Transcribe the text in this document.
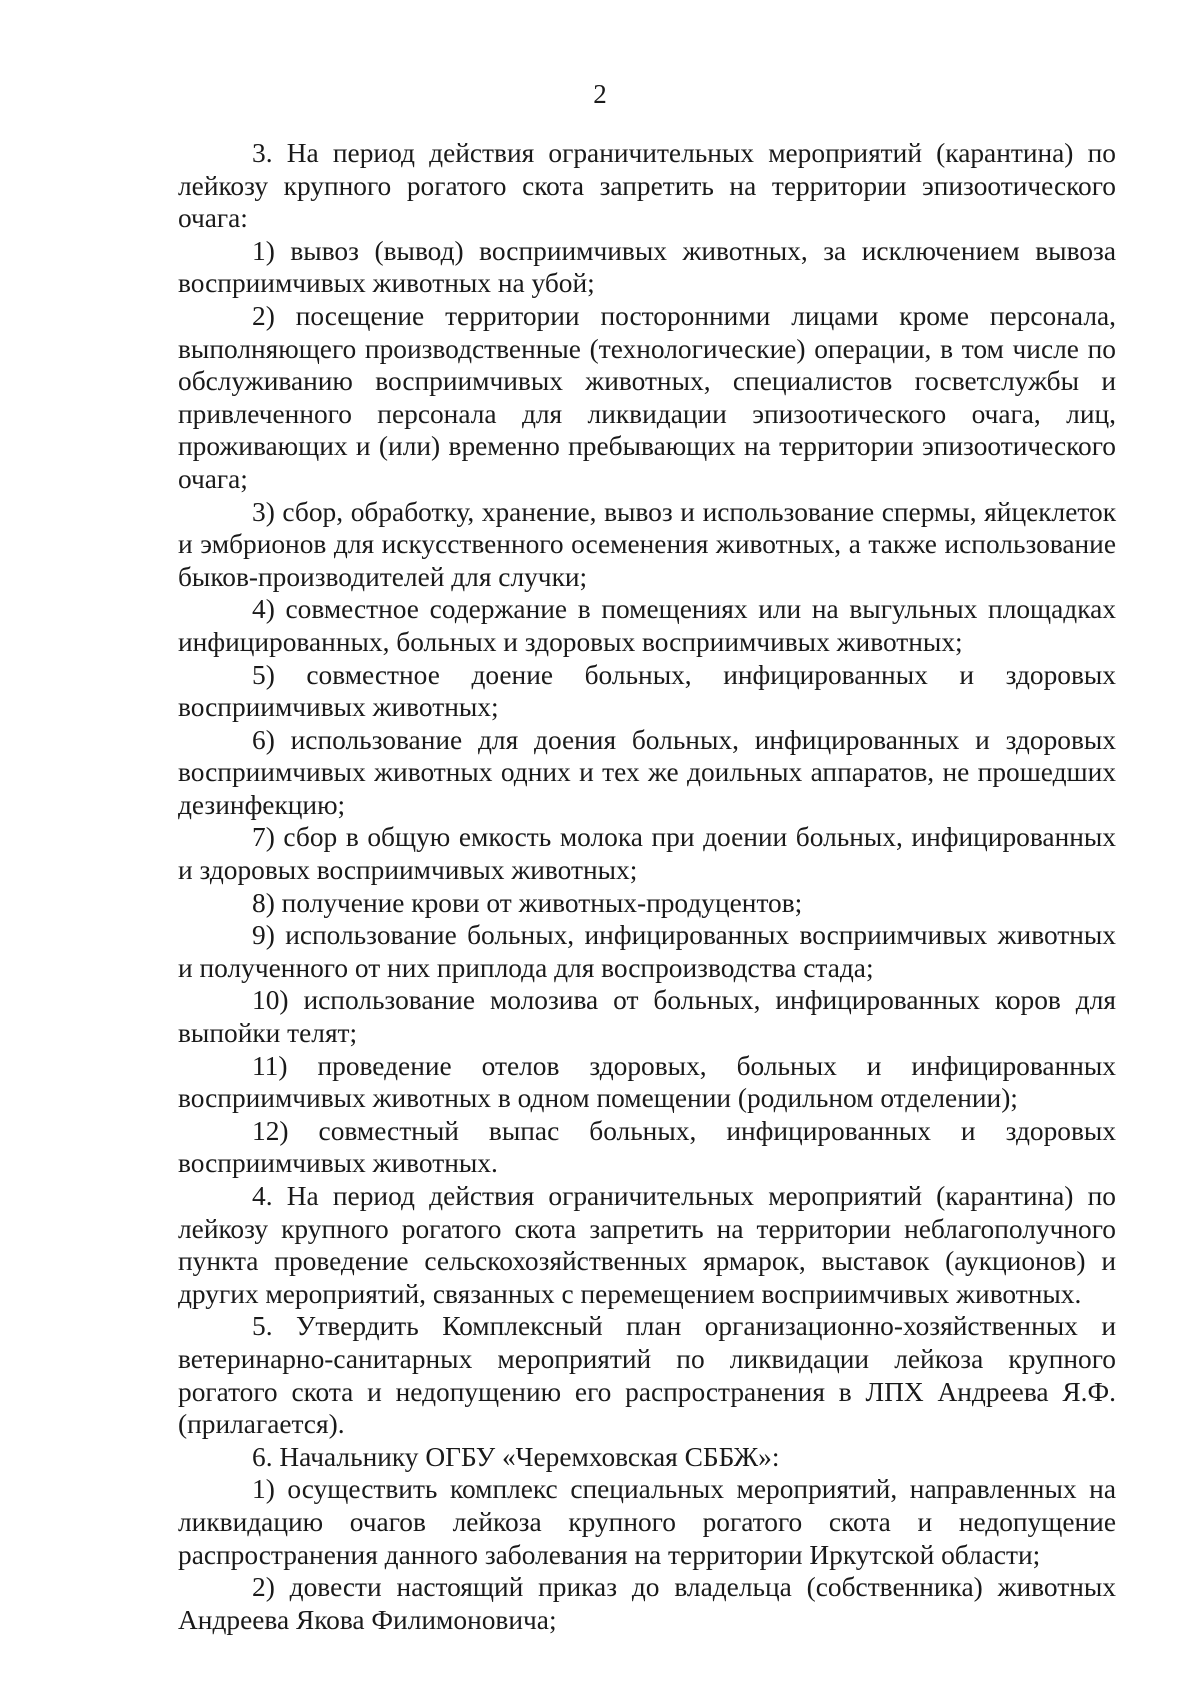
2

3. На период действия ограничительных мероприятий (карантина) по лейкозу крупного рогатого скота запретить на территории эпизоотического очага:

1) вывоз (вывод) восприимчивых животных, за исключением вывоза восприимчивых животных на убой;

2) посещение территории посторонними лицами кроме персонала, выполняющего производственные (технологические) операции, в том числе по обслуживанию восприимчивых животных, специалистов госветслужбы и привлеченного персонала для ликвидации эпизоотического очага, лиц, проживающих и (или) временно пребывающих на территории эпизоотического очага;

3) сбор, обработку, хранение, вывоз и использование спермы, яйцеклеток и эмбрионов для искусственного осеменения животных, а также использование быков-производителей для случки;

4) совместное содержание в помещениях или на выгульных площадках инфицированных, больных и здоровых восприимчивых животных;

5) совместное доение больных, инфицированных и здоровых восприимчивых животных;

6) использование для доения больных, инфицированных и здоровых восприимчивых животных одних и тех же доильных аппаратов, не прошедших дезинфекцию;

7) сбор в общую емкость молока при доении больных, инфицированных и здоровых восприимчивых животных;

8) получение крови от животных-продуцентов;

9) использование больных, инфицированных восприимчивых животных и полученного от них приплода для воспроизводства стада;

10) использование молозива от больных, инфицированных коров для выпойки телят;

11) проведение отелов здоровых, больных и инфицированных восприимчивых животных в одном помещении (родильном отделении);

12) совместный выпас больных, инфицированных и здоровых восприимчивых животных.

4. На период действия ограничительных мероприятий (карантина) по лейкозу крупного рогатого скота запретить на территории неблагополучного пункта проведение сельскохозяйственных ярмарок, выставок (аукционов) и других мероприятий, связанных с перемещением восприимчивых животных.

5. Утвердить Комплексный план организационно-хозяйственных и ветеринарно-санитарных мероприятий по ликвидации лейкоза крупного рогатого скота и недопущению его распространения в ЛПХ Андреева Я.Ф. (прилагается).

6. Начальнику ОГБУ «Черемховская СББЖ»:

1) осуществить комплекс специальных мероприятий, направленных на ликвидацию очагов лейкоза крупного рогатого скота и недопущение распространения данного заболевания на территории Иркутской области;

2) довести настоящий приказ до владельца (собственника) животных Андреева Якова Филимоновича;
